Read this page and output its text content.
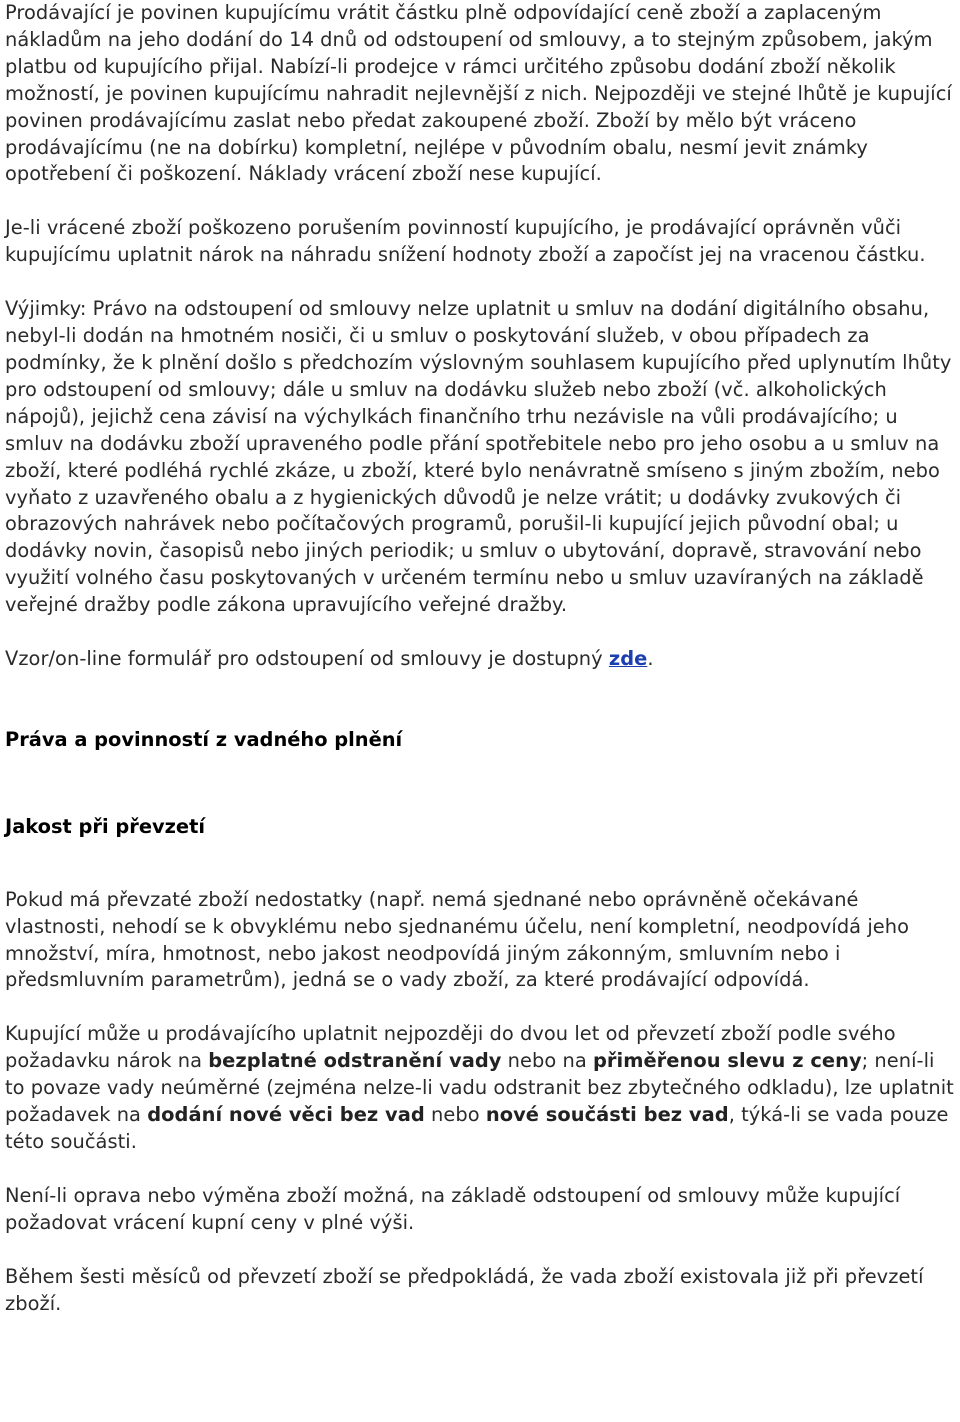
Prodávající je povinen kupujícímu vrátit částku plně odpovídající ceně zboží a zaplaceným nákladům na jeho dodání do 14 dnů od odstoupení od smlouvy, a to stejným způsobem, jakým platbu od kupujícího přijal. Nabízí-li prodejce v rámci určitého způsobu dodání zboží několik možností, je povinen kupujícímu nahradit nejlevnější z nich. Nejpozději ve stejné lhůtě je kupující povinen prodávajícímu zaslat nebo předat zakoupené zboží. Zboží by mělo být vráceno prodávajícímu (ne na dobírku) kompletní, nejlépe v původním obalu, nesmí jevit známky opotřebení či poškození. Náklady vrácení zboží nese kupující.

Je-li vrácené zboží poškozeno porušením povinností kupujícího, je prodávající oprávněn vůči kupujícímu uplatnit nárok na náhradu snížení hodnoty zboží a započíst jej na vracenou částku.

Výjimky: Právo na odstoupení od smlouvy nelze uplatnit u smluv na dodání digitálního obsahu, nebyl-li dodán na hmotném nosiči, či u smluv o poskytování služeb, v obou případech za podmínky, že k plnění došlo s předchozím výslovným souhlasem kupujícího před uplynutím lhůty pro odstoupení od smlouvy; dále u smluv na dodávku služeb nebo zboží (vč. alkoholických nápojů), jejichž cena závisí na výchylkách finančního trhu nezávisle na vůli prodávajícího; u smluv na dodávku zboží upraveného podle přání spotřebitele nebo pro jeho osobu a u smluv na zboží, které podléhá rychlé zkáze, u zboží, které bylo nenávratně smíseno s jiným zbožím, nebo vyňato z uzavřeného obalu a z hygienických důvodů je nelze vrátit; u dodávky zvukových či obrazových nahrávek nebo počítačových programů, porušil-li kupující jejich původní obal; u dodávky novin, časopisů nebo jiných periodik; u smluv o ubytování, dopravě, stravování nebo využití volného času poskytovaných v určeném termínu nebo u smluv uzavíraných na základě veřejné dražby podle zákona upravujícího veřejné dražby.

Vzor/on-line formulář pro odstoupení od smlouvy je dostupný zde.

Práva a povinností z vadného plnění

Jakost při převzetí

Pokud má převzaté zboží nedostatky (např. nemá sjednané nebo oprávněně očekávané vlastnosti, nehodí se k obvyklému nebo sjednanému účelu, není kompletní, neodpovídá jeho množství, míra, hmotnost, nebo jakost neodpovídá jiným zákonným, smluvním nebo i předsmluvním parametrům), jedná se o vady zboží, za které prodávající odpovídá.

Kupující může u prodávajícího uplatnit nejpozději do dvou let od převzetí zboží podle svého požadavku nárok na bezplatné odstranění vady nebo na přiměřenou slevu z ceny; není-li to povaze vady neúměrné (zejména nelze-li vadu odstranit bez zbytečného odkladu), lze uplatnit požadavek na dodání nové věci bez vad nebo nové součásti bez vad, týká-li se vada pouze této součásti.

Není-li oprava nebo výměna zboží možná, na základě odstoupení od smlouvy může kupující požadovat vrácení kupní ceny v plné výši.

Během šesti měsíců od převzetí zboží se předpokládá, že vada zboží existovala již při převzetí zboží.
